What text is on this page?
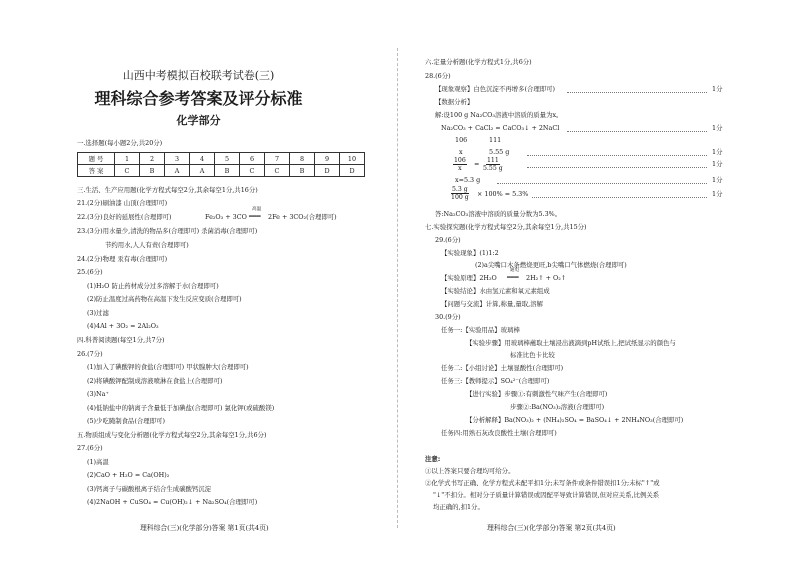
山西中考模拟百校联考试卷(三)
理科综合参考答案及评分标准
化学部分
一.选择题(每小题2分,共20分)
题 号	1	2	3	4	5	6	7	8	9	10
答 案	C	B	A	A	B	C	C	B	D	D
三.生活、生产应用题(化学方程式每空2分,其余每空1分,共16分)
21.(2分)刷油漆 山顶(合理即可)
22.(3分)良好的延展性(合理即可)	Fe₂O₃ + 3CO
高温
═══ 2Fe + 3CO₂(合理即可)
23.(3分)用水量少,清洗的物品多(合理即可) 杀菌消毒(合理即可)
节约用水,人人有责(合理即可)
24.(2分)物理 汞有毒(合理即可)
25.(6分)
(1)H₂O 防止药材成分过多溶解于水(合理即可)
(2)防止温度过高药物在高温下发生反应变质(合理即可)
(3)过滤
(4)4Al + 3O₂ = 2Al₂O₃
四.科普阅读题(每空1分,共7分)
26.(7分)
(1)加入了碘酸钾的食盐(合理即可) 甲状腺肿大(合理即可)
(2)将碘酸钾配制成溶液喷淋在食盐上(合理即可)
(3)Na⁺
(4)低钠盐中的钠离子含量低于加碘盐(合理即可) 氯化钾(或硫酸镁)
(5)少吃腌制食品(合理即可)
五.物质组成与变化分析题(化学方程式每空2分,其余每空1分,共6分)
27.(6分)
(1)高温
(2)CaO + H₂O = Ca(OH)₂
(3)钙离子与碳酸根离子结合生成碳酸钙沉淀
(4)2NaOH + CuSO₄ = Cu(OH)₂↓ + Na₂SO₄(合理即可)
理科综合(三)(化学部分)答案 第1页(共4页)
六.定量分析题(化学方程式1分,共6分)
28.(6分)
【现象观察】白色沉淀不再增多(合理即可)	1分
【数据分析】
解:设100 g Na₂CO₃溶液中溶质的质量为x。
Na₂CO₃ + CaCl₂ = CaCO₃↓ + 2NaCl	1分
106	111
x	5.55 g	1分
$\frac{106}{x} = \frac{111}{5.55 g}$	1分
x=5.3 g	1分
$\frac{5.3 g}{100 g} \times 100\% = 5.3\%$	1分
答:Na₂CO₃溶液中溶质的质量分数为5.3%。
七.实验探究题(化学方程式每空2分,其余每空1分,共15分)
29.(6分)
【实验现象】(1)1:2
(2)a尖嘴口木条燃烧更旺,b尖嘴口气体燃烧(合理即可)
【实验原理】2H₂O
通电
═══ 2H₂↑ + O₂↑
【实验结论】水由氢元素和氧元素组成
【问题与交流】计算,称量,量取,溶解
30.(9分)
任务一:【实验用品】玻璃棒
【实验步骤】用玻璃棒蘸取土壤浸出液滴到pH试纸上,把试纸显示的颜色与
标准比色卡比较
任务二:【小组讨论】土壤显酸性(合理即可)
任务三:【教师提示】SO₄²⁻(合理即可)
【进行实验】步骤①:有刺激性气味产生(合理即可)
步骤②:Ba(NO₃)₂溶液(合理即可)
【分析解释】Ba(NO₃)₂ + (NH₄)₂SO₄ = BaSO₄↓ + 2NH₄NO₃(合理即可)
任务四:用熟石灰改良酸性土壤(合理即可)
注意:
①以上答案只要合理均可给分。
②化学式书写正确、化学方程式未配平扣1分;未写条件或条件错误扣1分;未标"↑"或
"↓"不扣分。相对分子质量计算错误或因配平导致计算错误,但对应关系,比例关系
均正确的,扣1分。
理科综合(三)(化学部分)答案 第2页(共4页)
